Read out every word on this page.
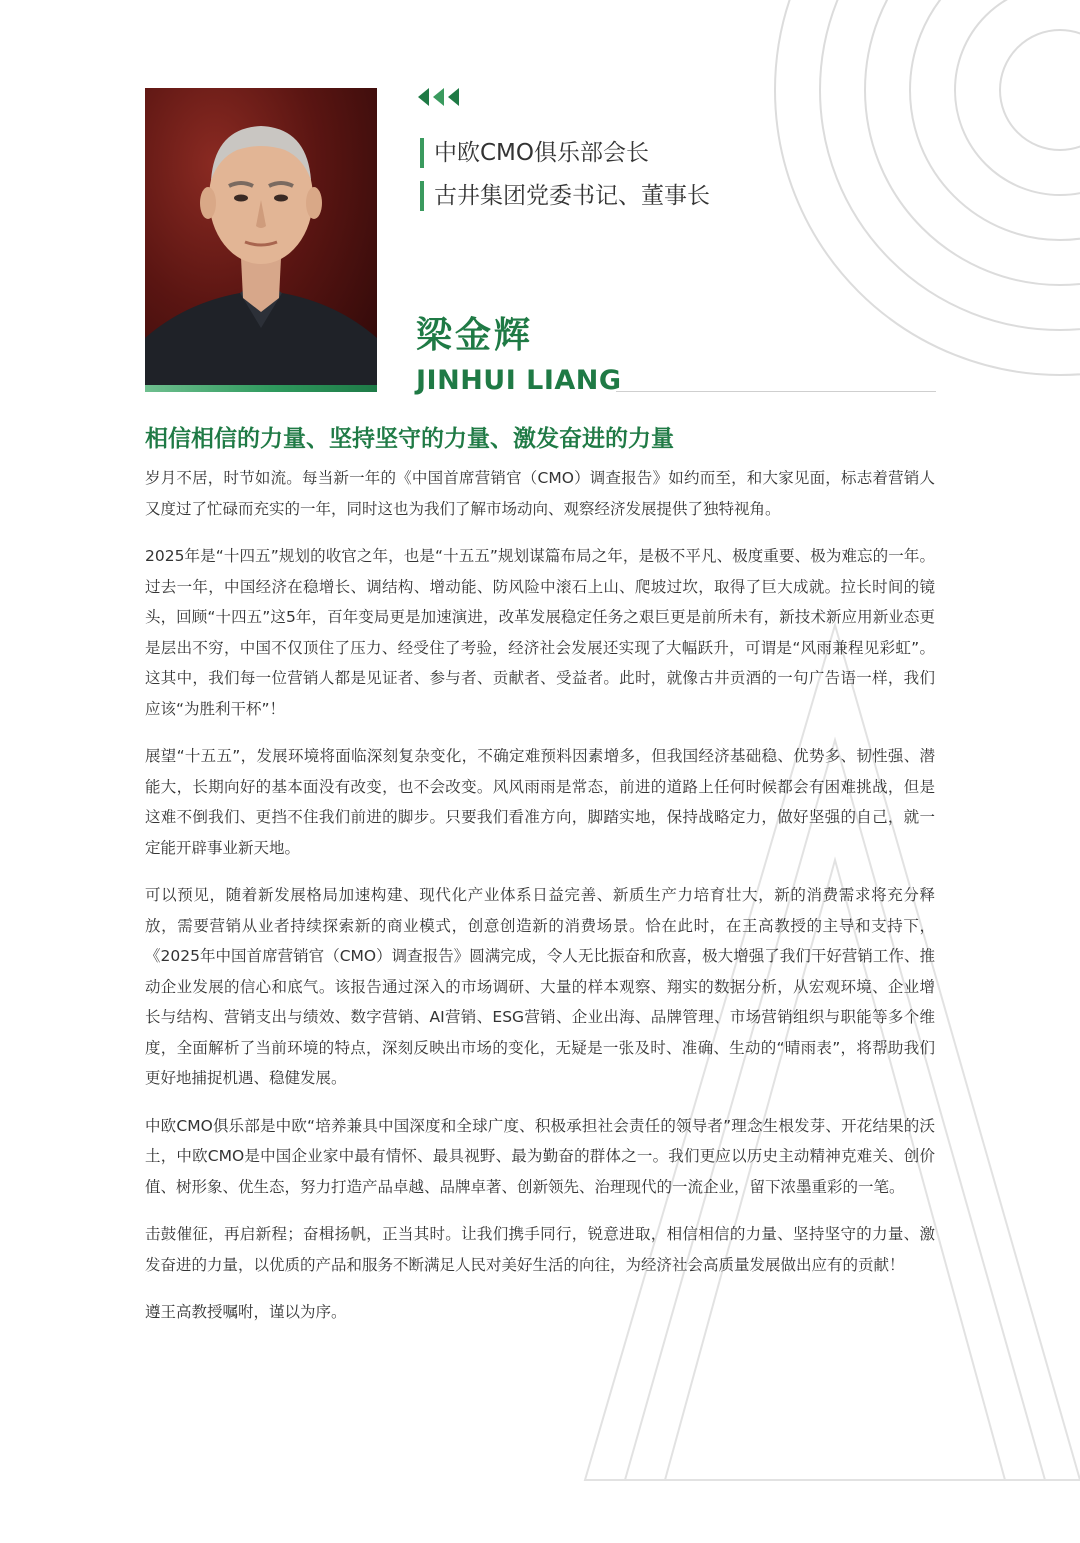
中欧CMO俱乐部会长
古井集团党委书记、董事长
梁金辉
JINHUI LIANG
相信相信的力量、坚持坚守的力量、激发奋进的力量

岁月不居，时节如流。每当新一年的《中国首席营销官（CMO）调查报告》如约而至，和大家见面，标志着营销人又度过了忙碌而充实的一年，同时这也为我们了解市场动向、观察经济发展提供了独特视角。

2025年是“十四五”规划的收官之年，也是“十五五”规划谋篇布局之年，是极不平凡、极度重要、极为难忘的一年。过去一年，中国经济在稳增长、调结构、增动能、防风险中滚石上山、爬坡过坎，取得了巨大成就。拉长时间的镜头，回顾“十四五”这5年，百年变局更是加速演进，改革发展稳定任务之艰巨更是前所未有，新技术新应用新业态更是层出不穷，中国不仅顶住了压力、经受住了考验，经济社会发展还实现了大幅跃升，可谓是“风雨兼程见彩虹”。这其中，我们每一位营销人都是见证者、参与者、贡献者、受益者。此时，就像古井贡酒的一句广告语一样，我们应该“为胜利干杯”！

展望“十五五”，发展环境将面临深刻复杂变化，不确定难预料因素增多，但我国经济基础稳、优势多、韧性强、潜能大，长期向好的基本面没有改变，也不会改变。风风雨雨是常态，前进的道路上任何时候都会有困难挑战，但是这难不倒我们、更挡不住我们前进的脚步。只要我们看准方向，脚踏实地，保持战略定力，做好坚强的自己，就一定能开辟事业新天地。

可以预见，随着新发展格局加速构建、现代化产业体系日益完善、新质生产力培育壮大，新的消费需求将充分释放，需要营销从业者持续探索新的商业模式，创意创造新的消费场景。恰在此时，在王高教授的主导和支持下，《2025年中国首席营销官（CMO）调查报告》圆满完成，令人无比振奋和欣喜，极大增强了我们干好营销工作、推动企业发展的信心和底气。该报告通过深入的市场调研、大量的样本观察、翔实的数据分析，从宏观环境、企业增长与结构、营销支出与绩效、数字营销、AI营销、ESG营销、企业出海、品牌管理、市场营销组织与职能等多个维度，全面解析了当前环境的特点，深刻反映出市场的变化，无疑是一张及时、准确、生动的“晴雨表”，将帮助我们更好地捕捉机遇、稳健发展。

中欧CMO俱乐部是中欧“培养兼具中国深度和全球广度、积极承担社会责任的领导者”理念生根发芽、开花结果的沃土，中欧CMO是中国企业家中最有情怀、最具视野、最为勤奋的群体之一。我们更应以历史主动精神克难关、创价值、树形象、优生态，努力打造产品卓越、品牌卓著、创新领先、治理现代的一流企业，留下浓墨重彩的一笔。

击鼓催征，再启新程；奋楫扬帆，正当其时。让我们携手同行，锐意进取，相信相信的力量、坚持坚守的力量、激发奋进的力量，以优质的产品和服务不断满足人民对美好生活的向往，为经济社会高质量发展做出应有的贡献！

遵王高教授嘱咐，谨以为序。
